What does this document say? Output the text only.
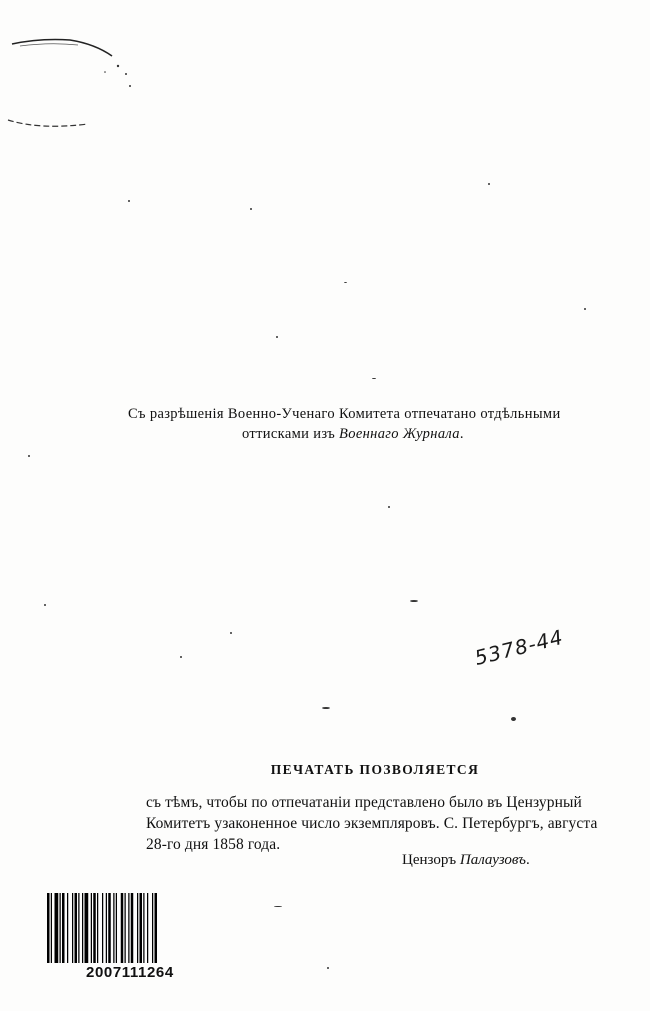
Съ разрѣшенія Военно-Ученаго Комитета отпечатано отдѣльными
оттисками изъ Военнаго Журнала.
5378-44
ПЕЧАТАТЬ ПОЗВОЛЯЕТСЯ
съ тѣмъ, чтобы по отпечатаніи представлено было въ Цензурный
Комитетъ узаконенное число экземпляровъ. С. Петербургъ, августа
28-го дня 1858 года.
Цензоръ Палаузовъ.
2007111264
